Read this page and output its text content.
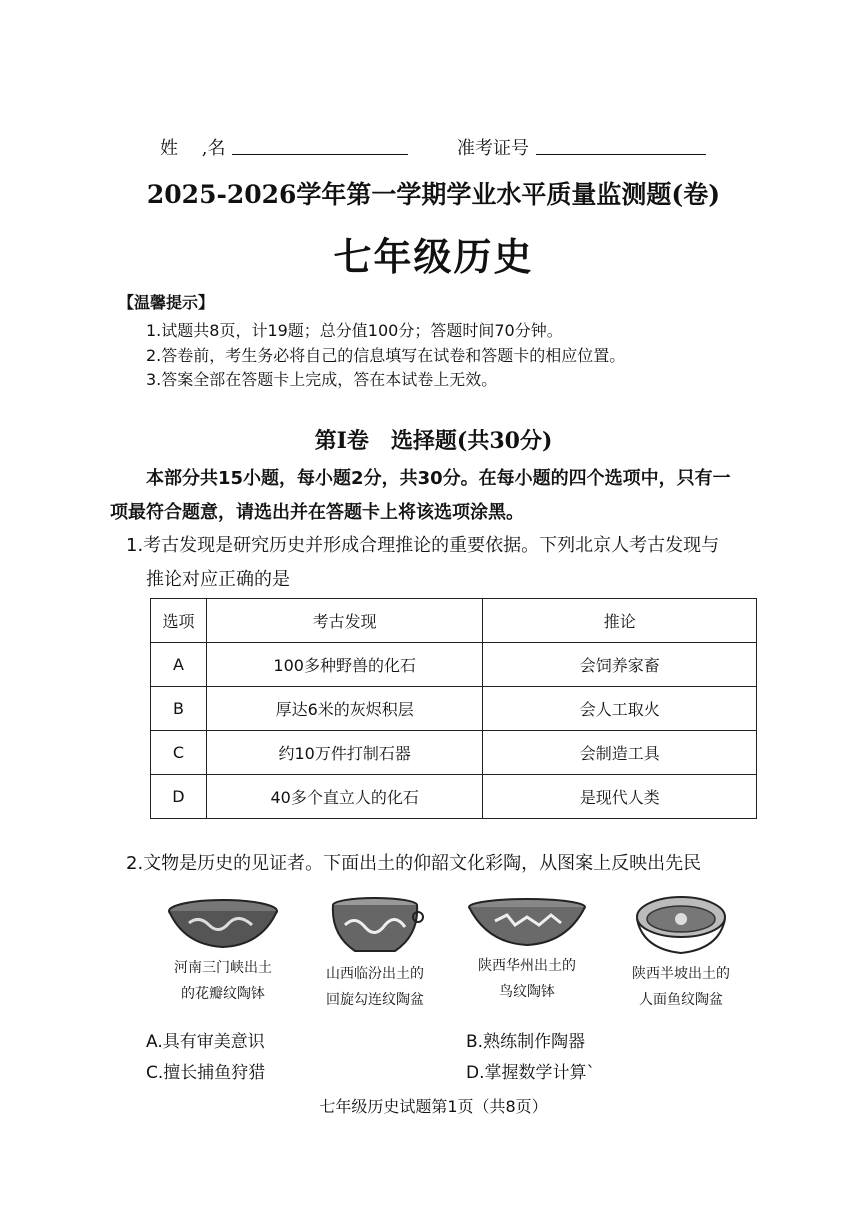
姓　 ,名	准考证号
2025-2026学年第一学期学业水平质量监测题(卷)
七年级历史
【温馨提示】
1.试题共8页，计19题；总分值100分；答题时间70分钟。
2.答卷前，考生务必将自己的信息填写在试卷和答题卡的相应位置。
3.答案全部在答题卡上完成，答在本试卷上无效。
第Ⅰ卷　选择题(共30分)
本部分共15小题，每小题2分，共30分。在每小题的四个选项中，只有一
项最符合题意，请选出并在答题卡上将该选项涂黑。
1.考古发现是研究历史并形成合理推论的重要依据。下列北京人考古发现与
推论对应正确的是
选项	考古发现	推论
A	100多种野兽的化石	会饲养家畜
B	厚达6米的灰烬积层	会人工取火
C	约10万件打制石器	会制造工具
D	40多个直立人的化石	是现代人类
2.文物是历史的见证者。下面出土的仰韶文化彩陶，从图案上反映出先民
河南三门峡出土
的花瓣纹陶钵
山西临汾出土的
回旋勾连纹陶盆
陕西华州出土的
鸟纹陶钵
陕西半坡出土的
人面鱼纹陶盆
A.具有审美意识	B.熟练制作陶器
C.擅长捕鱼狩猎	D.掌握数学计算`
七年级历史试题第1页（共8页）
